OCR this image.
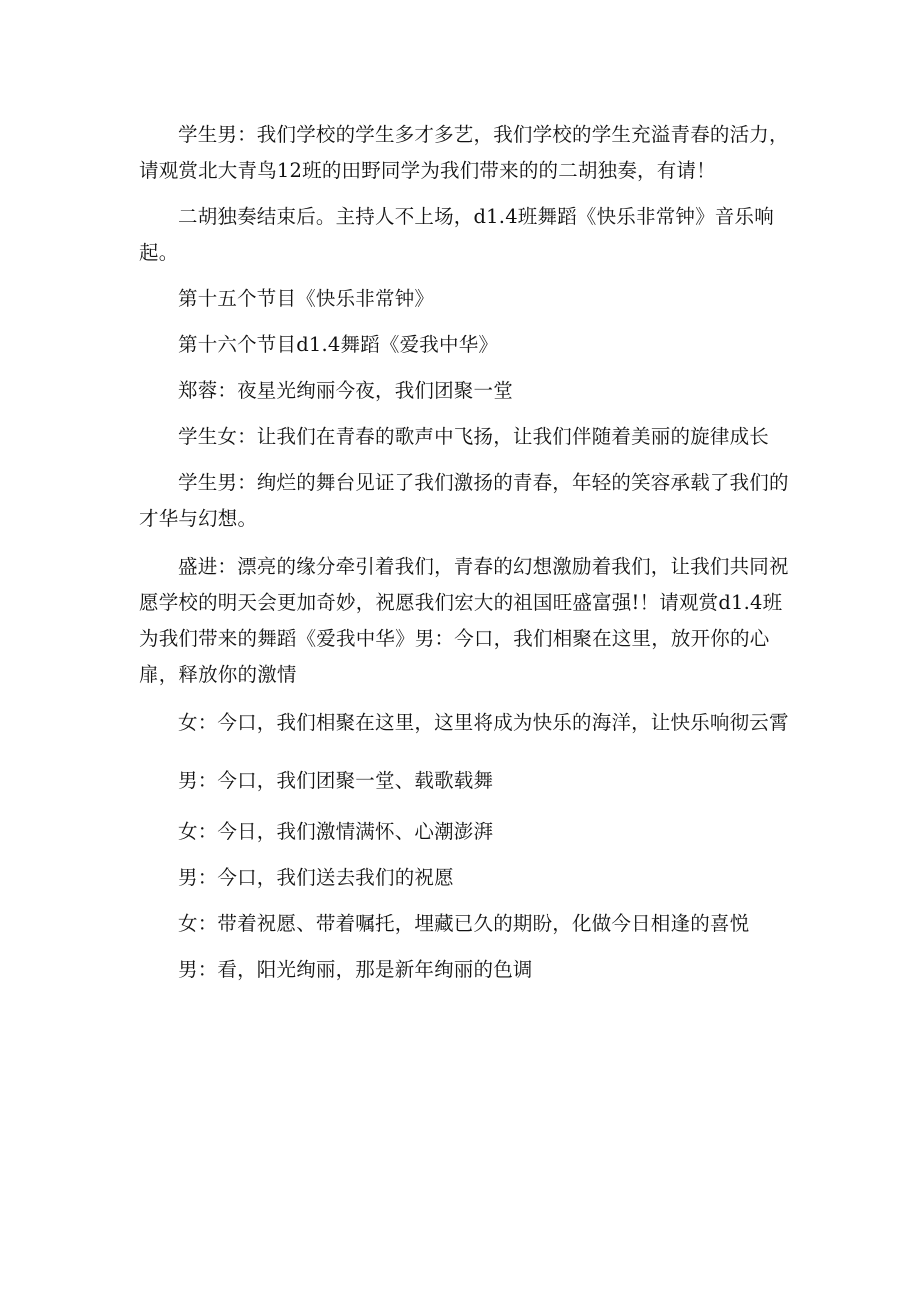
学生男：我们学校的学生多才多艺，我们学校的学生充溢青春的活力，请观赏北大青鸟12班的田野同学为我们带来的的二胡独奏，有请！

二胡独奏结束后。主持人不上场，d1.4班舞蹈《快乐非常钟》音乐响起。

第十五个节目《快乐非常钟》

第十六个节目d1.4舞蹈《爱我中华》

郑蓉：夜星光绚丽今夜，我们团聚一堂

学生女：让我们在青春的歌声中飞扬，让我们伴随着美丽的旋律成长

学生男：绚烂的舞台见证了我们激扬的青春，年轻的笑容承载了我们的才华与幻想。

盛进：漂亮的缘分牵引着我们，青春的幻想激励着我们，让我们共同祝愿学校的明天会更加奇妙，祝愿我们宏大的祖国旺盛富强!！请观赏d1.4班为我们带来的舞蹈《爱我中华》男：今口，我们相聚在这里，放开你的心扉，释放你的激情

女：今口，我们相聚在这里，这里将成为快乐的海洋，让快乐响彻云霄

男：今口，我们团聚一堂、载歌载舞

女：今日，我们激情满怀、心潮澎湃

男：今口，我们送去我们的祝愿

女：带着祝愿、带着嘱托，埋藏已久的期盼，化做今日相逢的喜悦

男：看，阳光绚丽，那是新年绚丽的色调
